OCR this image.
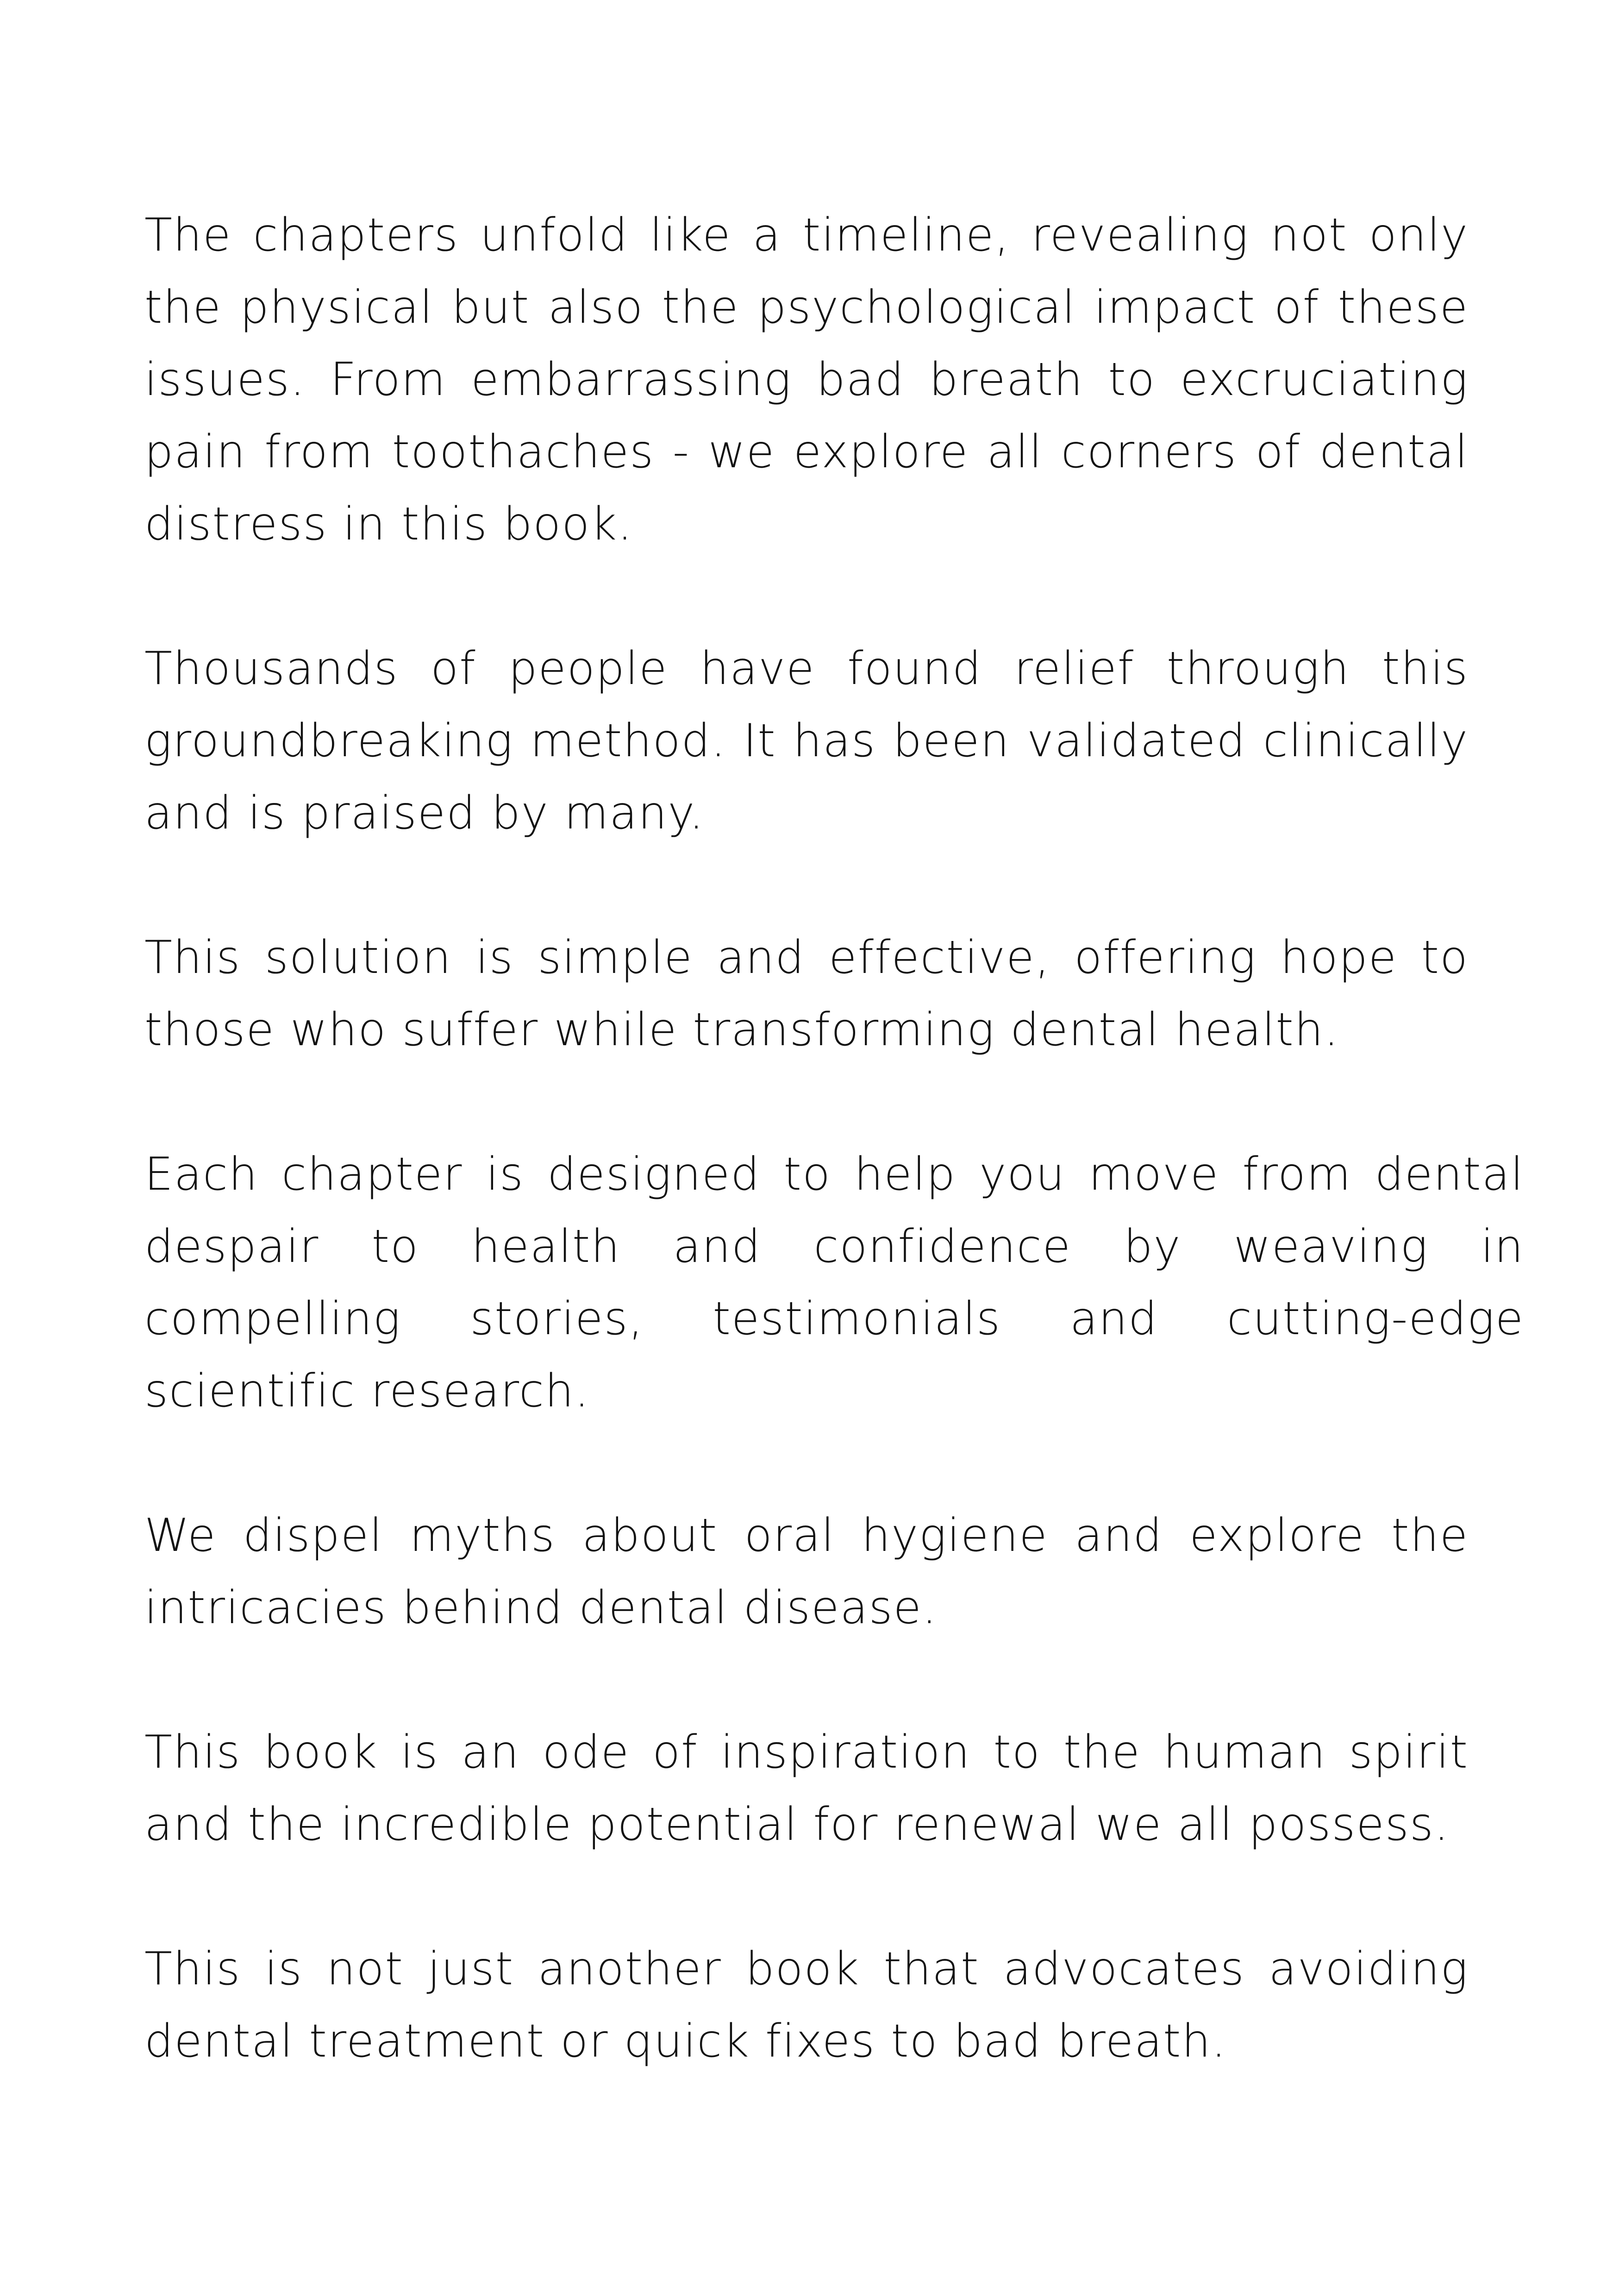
The chapters unfold like a timeline, revealing not only the physical but also the psychological impact of these issues. From embarrassing bad breath to excruciating pain from toothaches - we explore all corners of dental distress in this book.

Thousands of people have found relief through this groundbreaking method. It has been validated clinically and is praised by many.

This solution is simple and effective, offering hope to those who suffer while transforming dental health.

Each chapter is designed to help you move from dental despair to health and confidence by weaving in compelling stories, testimonials and cutting-edge scientific research.

We dispel myths about oral hygiene and explore the intricacies behind dental disease.

This book is an ode of inspiration to the human spirit and the incredible potential for renewal we all possess.

This is not just another book that advocates avoiding dental treatment or quick fixes to bad breath.
